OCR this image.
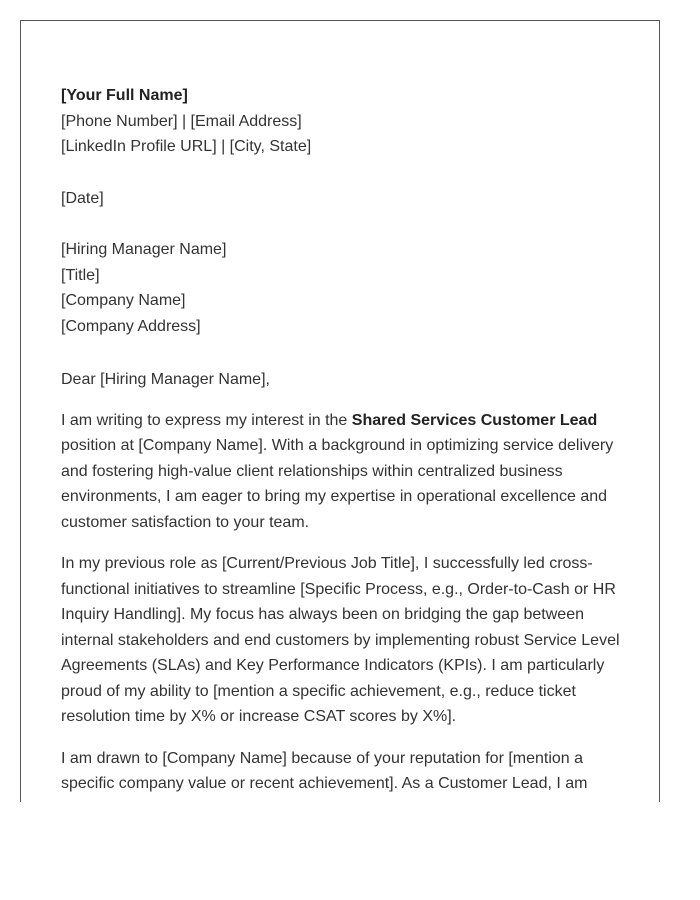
[Your Full Name]
[Phone Number] | [Email Address]
[LinkedIn Profile URL] | [City, State]
[Date]
[Hiring Manager Name]
[Title]
[Company Name]
[Company Address]
Dear [Hiring Manager Name],

I am writing to express my interest in the Shared Services Customer Lead position at [Company Name]. With a background in optimizing service delivery and fostering high-value client relationships within centralized business environments, I am eager to bring my expertise in operational excellence and customer satisfaction to your team.

In my previous role as [Current/Previous Job Title], I successfully led cross-functional initiatives to streamline [Specific Process, e.g., Order-to-Cash or HR Inquiry Handling]. My focus has always been on bridging the gap between internal stakeholders and end customers by implementing robust Service Level Agreements (SLAs) and Key Performance Indicators (KPIs). I am particularly proud of my ability to [mention a specific achievement, e.g., reduce ticket resolution time by X% or increase CSAT scores by X%].

I am drawn to [Company Name] because of your reputation for [mention a specific company value or recent achievement]. As a Customer Lead, I am
